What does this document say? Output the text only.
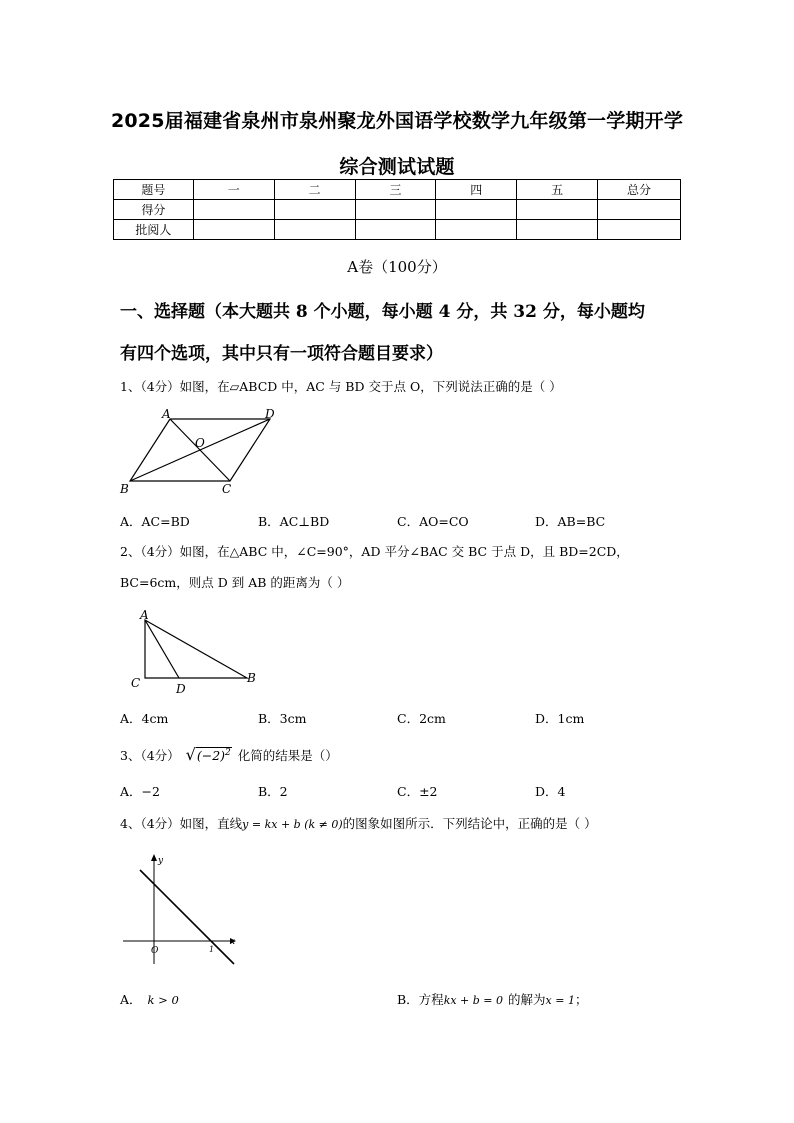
2025届福建省泉州市泉州聚龙外国语学校数学九年级第一学期开学
综合测试试题
题号	一	二	三	四	五	总分
得分						
批阅人						
A卷（100分）
一、选择题（本大题共 8 个小题，每小题 4 分，共 32 分，每小题均
有四个选项，其中只有一项符合题目要求）
1、（4分）如图，在▱ABCD 中，AC 与 BD 交于点 O，下列说法正确的是（ ）
A	D
O
B	C
A．AC=BD	B．AC⊥BD	C．AO=CO	D．AB=BC
2、（4分）如图，在△ABC 中，∠C=90°，AD 平分∠BAC 交 BC 于点 D，且 BD=2CD，
BC=6cm，则点 D 到 AB 的距离为（ ）
A
C	D
B
A．4cm	B．3cm	C．2cm	D．1cm
3、（4分） $√(-2)^2$ 化简的结果是（）
A．−2	B．2	C．±2	D．4
4、（4分）如图，直线y = kx + b (k ≠ 0)的图象如图所示．下列结论中，正确的是（ ）
y
x
O	1
A． k > 0	B．方程kx + b = 0 的解为x = 1；
